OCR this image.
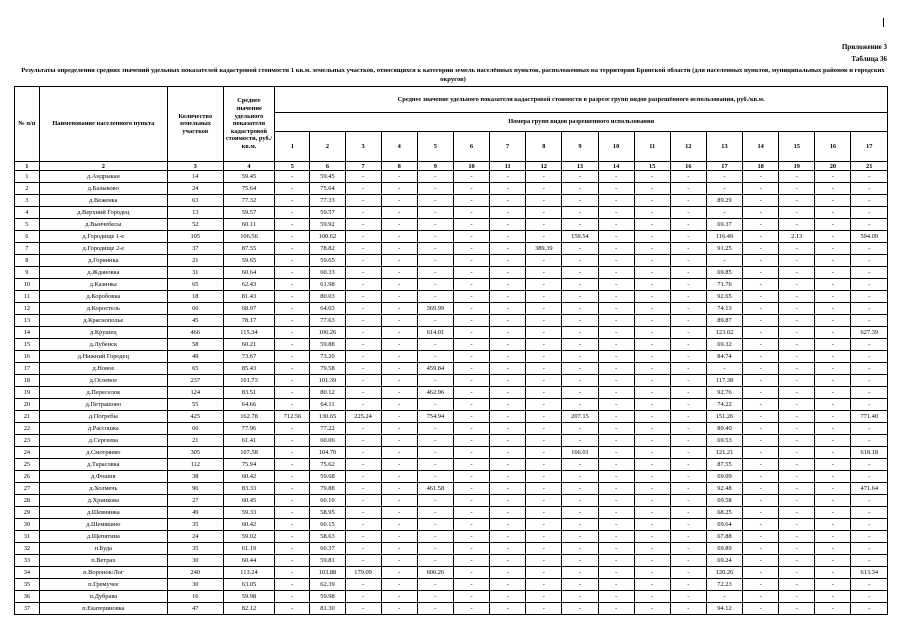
Приложение 3
Таблица 36
Результаты определения средних значений удельных показателей кадастровой стоимости 1 кв.м. земельных участков, относящихся к категории земель населённых пунктов, расположенных на территории Брянской области (для населенных пунктов, муниципальных районов и городских округов)
№ п/п	Наименование населенного пункта	Количество земельных участков	Среднее значение удельного показателя кадастровой стоимости, руб./кв.м.	Среднее значение удельного показателя кадастровой стоимости в разрезе групп видов разрешённого использования, руб./кв.м.																
				Номера групп видов разрешенного использования																
				1	2	3	4	5	6	7	8	9	10	11	12	13	14	15	16	17
1	2	3	4	5	6	7	8	9	10	11	12	13	14	15	16	17	18	19	20	21
1	д.Андрыкан	14	59.45	-	59.45	-	-	-	-	-	-	-	-	-	-	-	-	-	-	-
2	д.Балыково	24	75.64	-	75.64	-	-	-	-	-	-	-	-	-	-	-	-	-	-	-
3	д.Веженка	63	77.32	-	77.33	-	-	-	-	-	-	-	-	-	-	89.29	-	-	-	-
4	д.Верхний Городец	13	59.57	-	59.57	-	-	-	-	-	-	-	-	-	-	-	-	-	-	-
5	д.Вынчебесы	52	60.11	-	59.92	-	-	-	-	-	-	-	-	-	-	69.37	-	-	-	-
6	д.Городище 1-е	105	106.56	-	100.62	-	-	-	-	-	-	159.54	-	-	-	116.49	-	2.13	-	594.09
7	д.Городище 2-е	37	87.55	-	78.82	-	-	-	-	-	389.39	-	-	-	-	91.25	-	-	-	-
8	д.Горяинка	21	59.65	-	59.65	-	-	-	-	-	-	-	-	-	-	-	-	-	-	-
9	д.Ждановка	31	60.64	-	60.33	-	-	-	-	-	-	-	-	-	-	69.85	-	-	-	-
10	д.Казинка	65	62.43	-	61.98	-	-	-	-	-	-	-	-	-	-	71.76	-	-	-	-
11	д.Коробовка	18	81.43	-	80.03	-	-	-	-	-	-	-	-	-	-	92.65	-	-	-	-
12	д.Коростель	66	68.97	-	64.03	-	-	369.99	-	-	-	-	-	-	-	74.13	-	-	-	-
13	д.Краснополье	45	78.17	-	77.63	-	-	-	-	-	-	-	-	-	-	89.87	-	-	-	-
14	д.Крушец	466	115.34	-	106.26	-	-	614.01	-	-	-	-	-	-	-	123.02	-	-	-	627.39
15	д.Лубенск	58	60.21	-	59.88	-	-	-	-	-	-	-	-	-	-	69.32	-	-	-	-
16	д.Нижний Городец	49	73.67	-	73.20	-	-	-	-	-	-	-	-	-	-	84.74	-	-	-	-
17	д.Новое	65	85.43	-	79.58	-	-	459.84	-	-	-	-	-	-	-	-	-	-	-	-
18	д.Осоевое	237	101.73	-	101.39	-	-	-	-	-	-	-	-	-	-	117.38	-	-	-	-
19	д.Переселок	124	83.51	-	80.12	-	-	462.96	-	-	-	-	-	-	-	92.76	-	-	-	-
20	д.Петрашово	55	64.66	-	64.11	-	-	-	-	-	-	-	-	-	-	74.22	-	-	-	-
21	д.Погребы	425	162.78	712.56	130.65	225.24	-	754.94	-	-	-	207.15	-	-	-	151.26	-	-	-	771.40
22	д.Рассошка	66	77.96	-	77.22	-	-	-	-	-	-	-	-	-	-	89.40	-	-	-	-
23	д.Сергеева	21	61.41	-	60.06	-	-	-	-	-	-	-	-	-	-	69.53	-	-	-	-
24	д.Смотряево	305	107.58	-	104.70	-	-	-	-	-	-	166.01	-	-	-	121.21	-	-	-	618.18
25	д.Тарасовка	112	75.94	-	75.62	-	-	-	-	-	-	-	-	-	-	87.55	-	-	-	-
26	д.Фошня	38	60.42	-	59.68	-	-	-	-	-	-	-	-	-	-	69.09	-	-	-	-
27	д.Холмечь	96	83.33	-	79.88	-	-	461.58	-	-	-	-	-	-	-	92.48	-	-	-	471.64
28	д.Хрипкова	27	60.45	-	60.10	-	-	-	-	-	-	-	-	-	-	69.58	-	-	-	-
29	д.Шевнянка	49	59.33	-	58.95	-	-	-	-	-	-	-	-	-	-	68.25	-	-	-	-
30	д.Шемякино	35	60.42	-	60.15	-	-	-	-	-	-	-	-	-	-	69.64	-	-	-	-
31	д.Щепятина	24	59.02	-	58.63	-	-	-	-	-	-	-	-	-	-	67.88	-	-	-	-
32	п.Буда	35	61.19	-	60.37	-	-	-	-	-	-	-	-	-	-	69.89	-	-	-	-
33	п.Ветрах	30	60.44	-	59.81	-	-	-	-	-	-	-	-	-	-	69.24	-	-	-	-
34	п.Воронок/Лог	240	113.24	-	103.88	179.09	-	600.26	-	-	-	-	-	-	-	120.26	-	-	-	613.34
35	п.Гремучее	30	63.05	-	62.39	-	-	-	-	-	-	-	-	-	-	72.23	-	-	-	-
36	п.Дубрава	16	59.98	-	59.98	-	-	-	-	-	-	-	-	-	-	-	-	-	-	-
37	п.Екатериновка	47	82.12	-	81.30	-	-	-	-	-	-	-	-	-	-	94.12	-	-	-	-
